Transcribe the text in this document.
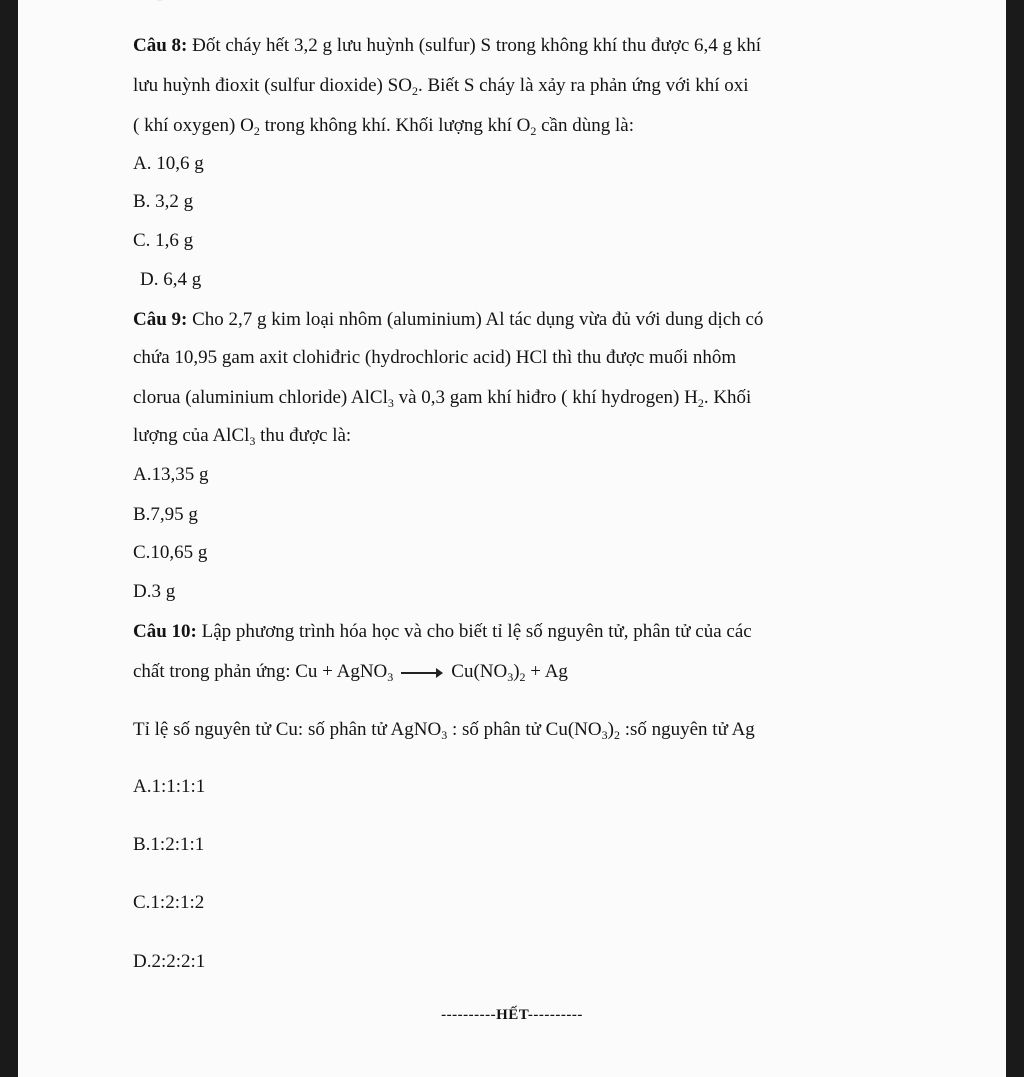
Câu 8: Đốt cháy hết 3,2 g lưu huỳnh (sulfur) S trong không khí thu được 6,4 g khí
lưu huỳnh đioxit (sulfur dioxide) $SO_2$. Biết S cháy là xảy ra phản ứng với khí oxi
( khí oxygen) $O_2$ trong không khí. Khối lượng khí $O_2$ cần dùng là:
A. 10,6 g
B. 3,2 g
C. 1,6 g
D. 6,4 g
Câu 9: Cho 2,7 g kim loại nhôm (aluminium) Al tác dụng vừa đủ với dung dịch có
chứa 10,95 gam axit clohiđric (hydrochloric acid) HCl thì thu được muối nhôm
clorua (aluminium chloride) AlCl$_3$ và 0,3 gam khí hiđro ( khí hydrogen) $H_2$. Khối
lượng của AlCl$_3$ thu được là:
A.13,35 g
B.7,95 g
C.10,65 g
D.3 g
Câu 10: Lập phương trình hóa học và cho biết tỉ lệ số nguyên tử, phân tử của các
chất trong phản ứng: Cu + AgNO$_3$ → $Cu(NO_3)_2 + Ag$
Tỉ lệ số nguyên tử Cu: số phân tử AgNO$_3$ : số phân tử $Cu(NO_3)_2$ :số nguyên tử Ag
A.1:1:1:1
B.1:2:1:1
C.1:2:1:2
D.2:2:2:1
----------HẾT----------
